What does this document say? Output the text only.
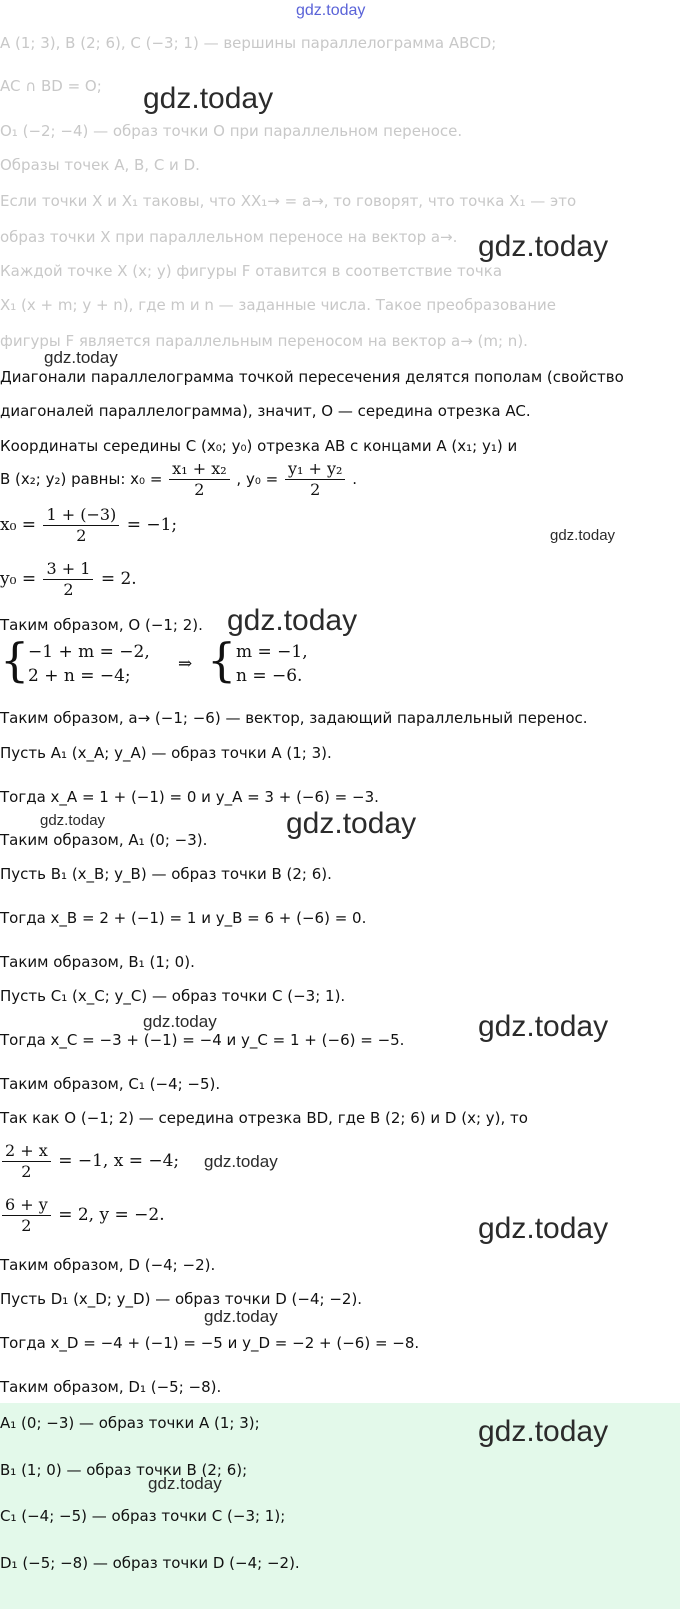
gdz.today
A (1; 3), B (2; 6), C (−3; 1) — вершины параллелограмма ABCD;
AC ∩ BD = O;
O₁ (−2; −4) — образ точки O при параллельном переносе.
Образы точек A, B, C и D.
Если точки X и X₁ таковы, что XX₁→ = a→, то говорят, что точка X₁ — это
образ точки X при параллельном переносе на вектор a→.
Каждой точке X (x; y) фигуры F отавится в соответствие точка
X₁ (x + m; y + n), где m и n — заданные числа. Такое преобразование
фигуры F является параллельным переносом на вектор a→ (m; n).
Диагонали параллелограмма точкой пересечения делятся пополам (свойство
диагоналей параллелограмма), значит, O — середина отрезка AC.
Координаты середины C (x₀; y₀) отрезка AB с концами A (x₁; y₁) и
B (x₂; y₂) равны: $x_0 = \frac{\text{x₁ + x₂}}{2}$ , $y_0 = \frac{\text{y₁ + y₂}}{2}$ .
$x_0 = \frac{1 + (-3)}{2} = -1$;
$y_0 = \frac{3 + 1}{2} = 2$.
Таким образом, O (−1; 2).
{
−1 + m = −2,
2 + n = −4;
⇒ { m = −1,
n = −6.
Таким образом, a→ (−1; −6) — вектор, задающий параллельный перенос.
Пусть A₁ (x_A; y_A) — образ точки A (1; 3).
Тогда x_A = 1 + (−1) = 0 и y_A = 3 + (−6) = −3.
Таким образом, A₁ (0; −3).
Пусть B₁ (x_B; y_B) — образ точки B (2; 6).
Тогда x_B = 2 + (−1) = 1 и y_B = 6 + (−6) = 0.
Таким образом, B₁ (1; 0).
Пусть C₁ (x_C; y_C) — образ точки C (−3; 1).
Тогда x_C = −3 + (−1) = −4 и y_C = 1 + (−6) = −5.
Таким образом, C₁ (−4; −5).
Так как O (−1; 2) — середина отрезка BD, где B (2; 6) и D (x; y), то
$\frac{2 + x}{2} = -1$, x = −4;
$\frac{6 + y}{2} = 2$, y = −2.
Таким образом, D (−4; −2).
Пусть D₁ (x_D; y_D) — образ точки D (−4; −2).
Тогда x_D = −4 + (−1) = −5 и y_D = −2 + (−6) = −8.
Таким образом, D₁ (−5; −8).
A₁ (0; −3) — образ точки A (1; 3);
B₁ (1; 0) — образ точки B (2; 6);
C₁ (−4; −5) — образ точки C (−3; 1);
D₁ (−5; −8) — образ точки D (−4; −2).
gdz.today
gdz.today
gdz.today
gdz.today
gdz.today
gdz.today	gdz.today
gdz.today	gdz.today
gdz.today
gdz.today
gdz.today
gdz.today
gdz.today
